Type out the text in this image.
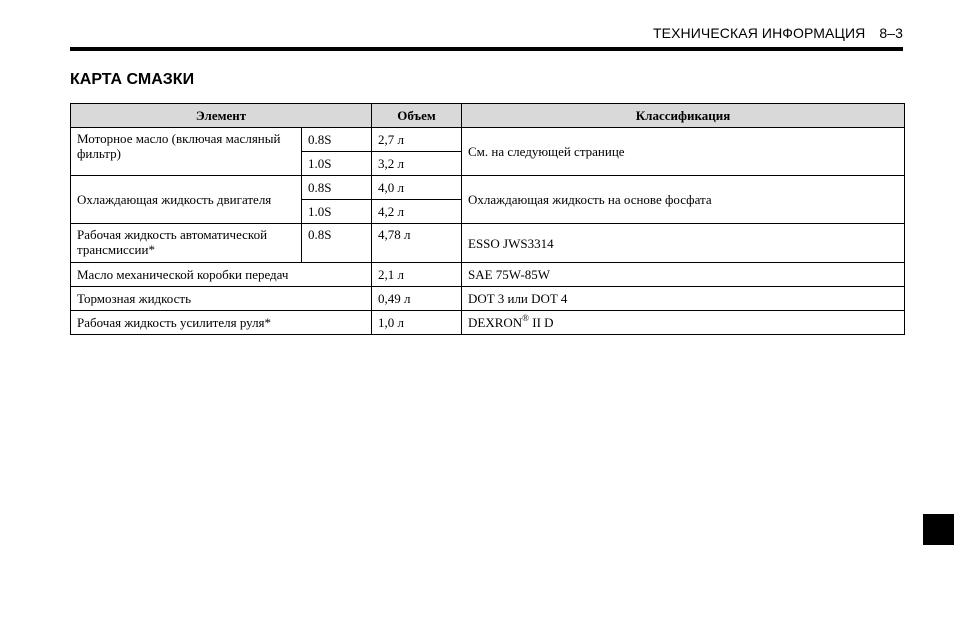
ТЕХНИЧЕСКАЯ ИНФОРМАЦИЯ 8–3
КАРТА СМАЗКИ
Элемент		Объем	Классификация
Моторное масло (включая масляный фильтр)	0.8S	2,7 л	См. на следующей странице
	1.0S	3,2 л	
Охлаждающая жидкость двигателя	0.8S	4,0 л	Охлаждающая жидкость на основе фосфата
	1.0S	4,2 л	
Рабочая жидкость автоматической трансмиссии*	0.8S	4,78 л	ESSO JWS3314
Масло механической коробки передач		2,1 л	SAE 75W-85W
Тормозная жидкость		0,49 л	DOT 3 или DOT 4
Рабочая жидкость усилителя руля*		1,0 л	DEXRON® II D
